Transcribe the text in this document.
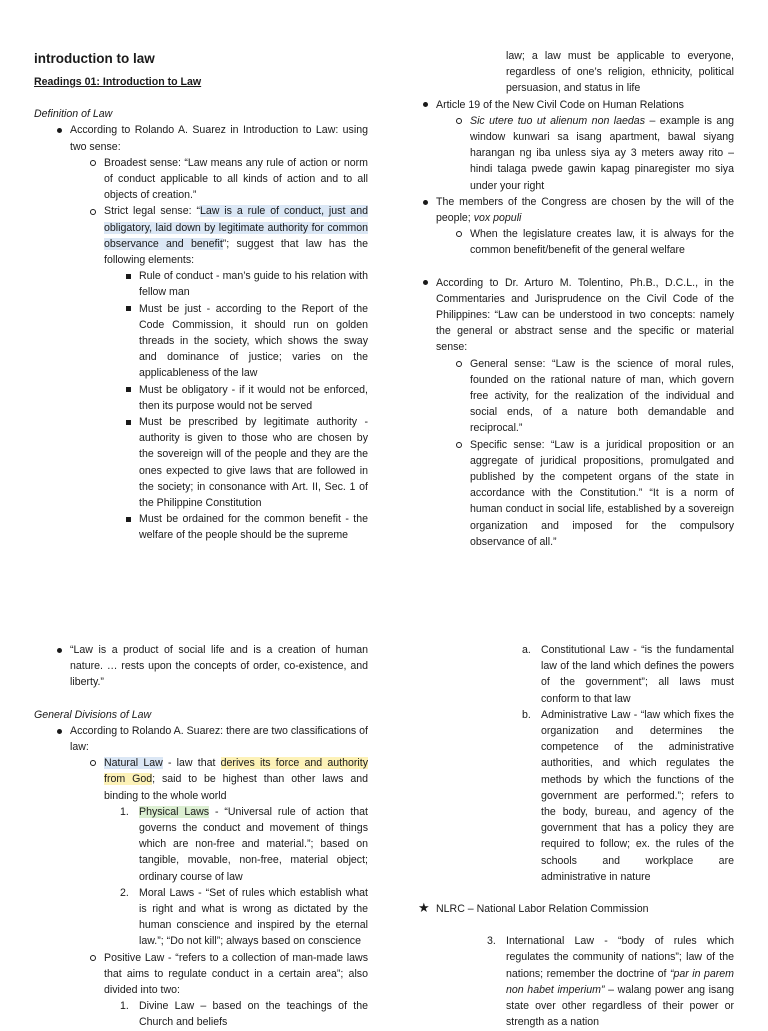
introduction to law

Readings 01: Introduction to Law

Definition of Law

According to Rolando A. Suarez in Introduction to Law: using two sense:
Broadest sense: “Law means any rule of action or norm of conduct applicable to all kinds of action and to all objects of creation.”
Strict legal sense: “Law is a rule of conduct, just and obligatory, laid down by legitimate authority for common observance and benefit”; suggest that law has the following elements:
Rule of conduct - man’s guide to his relation with fellow man
Must be just - according to the Report of the Code Commission, it should run on golden threads in the society, which shows the sway and dominance of justice; varies on the applicableness of the law
Must be obligatory - if it would not be enforced, then its purpose would not be served
Must be prescribed by legitimate authority - authority is given to those who are chosen by the sovereign will of the people and they are the ones expected to give laws that are followed in the society; in consonance with Art. II, Sec. 1 of the Philippine Constitution
Must be ordained for the common benefit - the welfare of the people should be the supreme

law; a law must be applicable to everyone, regardless of one’s religion, ethnicity, political persuasion, and status in life

Article 19 of the New Civil Code on Human Relations
Sic utere tuo ut alienum non laedas – example is ang window kunwari sa isang apartment, bawal siyang harangan ng iba unless siya ay 3 meters away rito – hindi talaga pwede gawin kapag pinaregister mo siya under your right
The members of the Congress are chosen by the will of the people; vox populi
When the legislature creates law, it is always for the common benefit/benefit of the general welfare
According to Dr. Arturo M. Tolentino, Ph.B., D.C.L., in the Commentaries and Jurisprudence on the Civil Code of the Philippines: “Law can be understood in two concepts: namely the general or abstract sense and the specific or material sense:
General sense: “Law is the science of moral rules, founded on the rational nature of man, which govern free activity, for the realization of the individual and social ends, of a nature both demandable and reciprocal.”
Specific sense: “Law is a juridical proposition or an aggregate of juridical propositions, promulgated and published by the competent organs of the state in accordance with the Constitution.” “It is a norm of human conduct in social life, established by a sovereign organization and imposed for the compulsory observance of all.”
“Law is a product of social life and is a creation of human nature. … rests upon the concepts of order, co-existence, and liberty.”

General Divisions of Law

According to Rolando A. Suarez: there are two classifications of law:
Natural Law - law that derives its force and authority from God; said to be highest than other laws and binding to the whole world
1. Physical Laws - “Universal rule of action that governs the conduct and movement of things which are non-free and material.”; based on tangible, movable, non-free, material object; ordinary course of law
2. Moral Laws - “Set of rules which establish what is right and what is wrong as dictated by the human conscience and inspired by the eternal law.”; “Do not kill”; always based on conscience
Positive Law - “refers to a collection of man-made laws that aims to regulate conduct in a certain area”; also divided into two:
1. Divine Law – based on the teachings of the Church and beliefs
a. Constitutional Law - “is the fundamental law of the land which defines the powers of the government”; all laws must conform to that law
b. Administrative Law - “law which fixes the organization and determines the competence of the administrative authorities, and which regulates the methods by which the functions of the government are performed.”; refers to the body, bureau, and agency of the government that has a policy they are required to follow; ex. the rules of the schools and workplace are administrative in nature
★ NLRC – National Labor Relation Commission
3. International Law - “body of rules which regulates the community of nations”; law of the nations; remember the doctrine of “par in parem non habet imperium” – walang power ang isang state over other regardless of their power or strength as a nation
